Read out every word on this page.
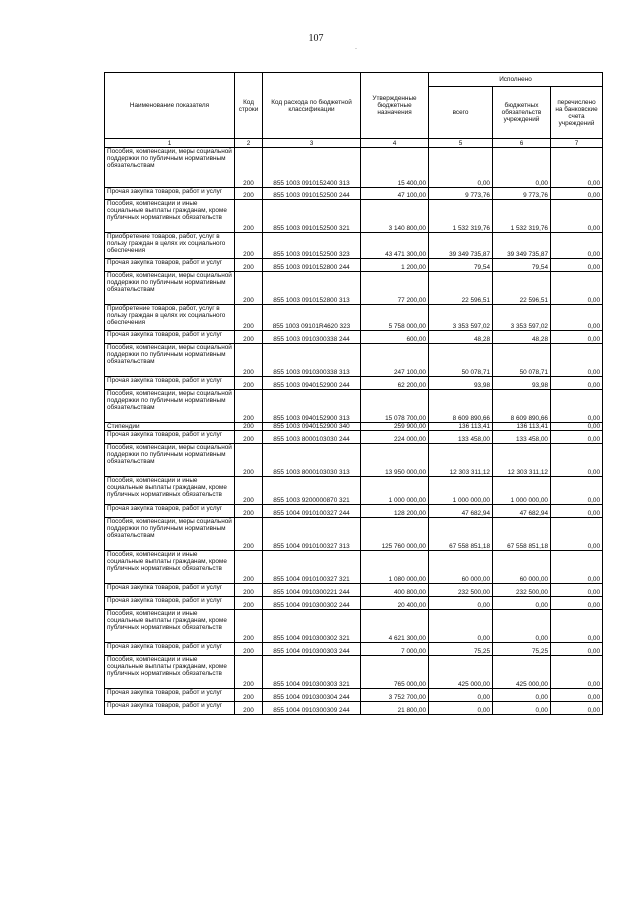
107
·
Наименование показателя	Код строки	Код расхода по бюджетной классификации	Утвержденные бюджетные назначения	Исполнено		
				всего	бюджетных обязательств учреждений	перечислено на банковские счета учреждений
1	2	3	4	5	6	7
Пособия, компенсации, меры социальной поддержки по публичным нормативным обязательствам	200	855 1003 0910152400 313	15 400,00	0,00	0,00	0,00
Прочая закупка товаров, работ и услуг	200	855 1003 0910152500 244	47 100,00	9 773,76	9 773,76	0,00
Пособия, компенсации и иные социальные выплаты гражданам, кроме публичных нормативных обязательств	200	855 1003 0910152500 321	3 140 800,00	1 532 319,76	1 532 319,76	0,00
Приобретение товаров, работ, услуг в пользу граждан в целях их социального обеспечения	200	855 1003 0910152500 323	43 471 300,00	39 349 735,87	39 349 735,87	0,00
Прочая закупка товаров, работ и услуг	200	855 1003 0910152800 244	1 200,00	79,54	79,54	0,00
Пособия, компенсации, меры социальной поддержки по публичным нормативным обязательствам	200	855 1003 0910152800 313	77 200,00	22 596,51	22 596,51	0,00
Приобретение товаров, работ, услуг в пользу граждан в целях их социального обеспечения	200	855 1003 09101R4620 323	5 758 000,00	3 353 597,02	3 353 597,02	0,00
Прочая закупка товаров, работ и услуг	200	855 1003 0910300338 244	600,00	48,28	48,28	0,00
Пособия, компенсации, меры социальной поддержки по публичным нормативным обязательствам	200	855 1003 0910300338 313	247 100,00	50 078,71	50 078,71	0,00
Прочая закупка товаров, работ и услуг	200	855 1003 0940152900 244	62 200,00	93,98	93,98	0,00
Пособия, компенсации, меры социальной поддержки по публичным нормативным обязательствам	200	855 1003 0940152900 313	15 078 700,00	8 609 890,66	8 609 890,66	0,00
Стипендии	200	855 1003 0940152900 340	259 900,00	136 113,41	136 113,41	0,00
Прочая закупка товаров, работ и услуг	200	855 1003 8000103030 244	224 000,00	133 458,00	133 458,00	0,00
Пособия, компенсации, меры социальной поддержки по публичным нормативным обязательствам	200	855 1003 8000103030 313	13 950 000,00	12 303 311,12	12 303 311,12	0,00
Пособия, компенсации и иные социальные выплаты гражданам, кроме публичных нормативных обязательств	200	855 1003 9200000870 321	1 000 000,00	1 000 000,00	1 000 000,00	0,00
Прочая закупка товаров, работ и услуг	200	855 1004 0910100327 244	128 200,00	47 682,94	47 682,94	0,00
Пособия, компенсации, меры социальной поддержки по публичным нормативным обязательствам	200	855 1004 0910100327 313	125 760 000,00	67 558 851,18	67 558 851,18	0,00
Пособия, компенсации и иные социальные выплаты гражданам, кроме публичных нормативных обязательств	200	855 1004 0910100327 321	1 080 000,00	60 000,00	60 000,00	0,00
Прочая закупка товаров, работ и услуг	200	855 1004 0910300221 244	400 800,00	232 500,00	232 500,00	0,00
Прочая закупка товаров, работ и услуг	200	855 1004 0910300302 244	20 400,00	0,00	0,00	0,00
Пособия, компенсации и иные социальные выплаты гражданам, кроме публичных нормативных обязательств	200	855 1004 0910300302 321	4 621 300,00	0,00	0,00	0,00
Прочая закупка товаров, работ и услуг	200	855 1004 0910300303 244	7 000,00	75,25	75,25	0,00
Пособия, компенсации и иные социальные выплаты гражданам, кроме публичных нормативных обязательств	200	855 1004 0910300303 321	765 000,00	425 000,00	425 000,00	0,00
Прочая закупка товаров, работ и услуг	200	855 1004 0910300304 244	3 752 700,00	0,00	0,00	0,00
Прочая закупка товаров, работ и услуг	200	855 1004 0910300309 244	21 800,00	0,00	0,00	0,00
